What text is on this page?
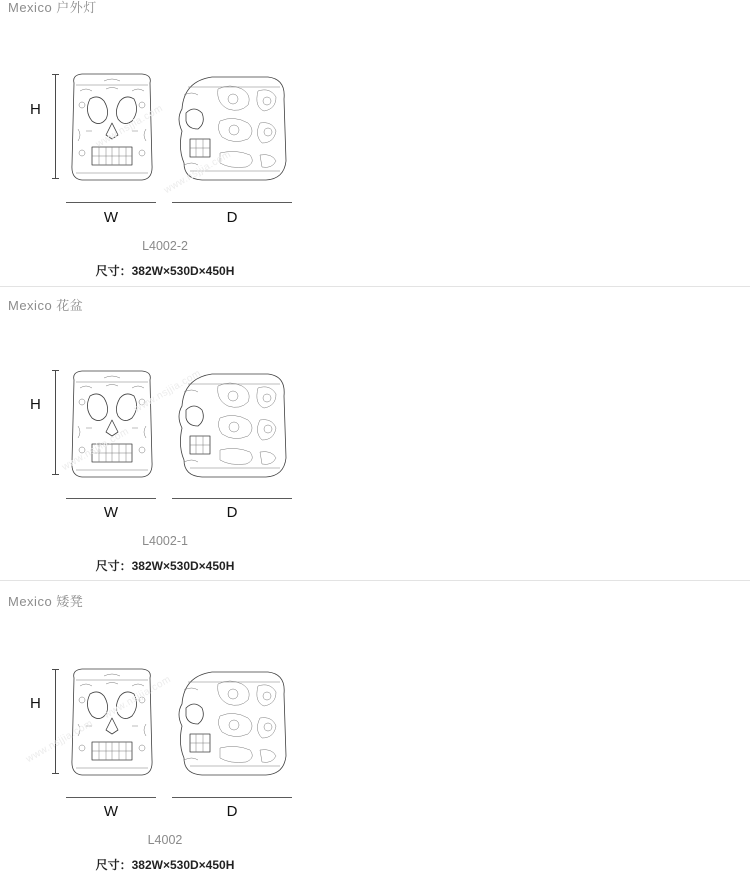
Mexico 户外灯
H
W	D
L4002-2
尺寸：382W×530D×450H
www.nsjjia.com
www.nsjjia.com
Mexico 花盆
H
W	D
L4002-1
尺寸：382W×530D×450H
www.nsjjia.com
www.nsjjia.com
Mexico 矮凳
H
W	D
L4002
尺寸：382W×530D×450H
www.nsjjia.com
www.nsjjia.com
